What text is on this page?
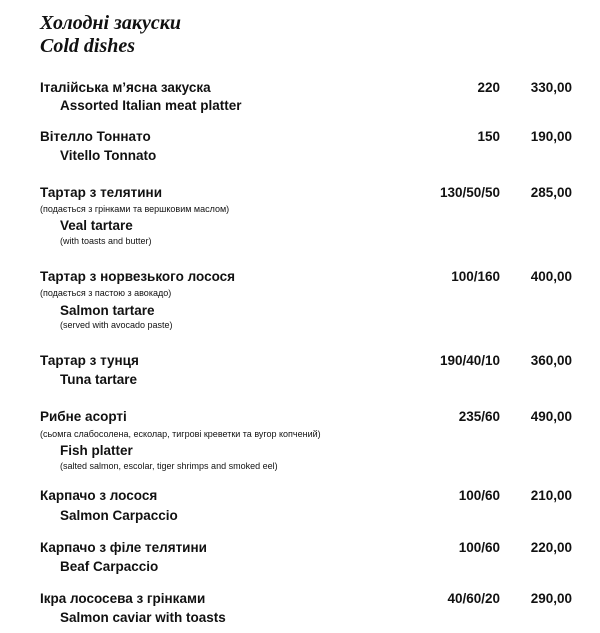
Холодні закуски
Cold dishes
Італійська м’ясна закуска
Assorted Italian meat platter
220 330,00
Вітелло Тоннато
Vitello Tonnato
150 190,00
Тартар з телятини
(подається з грінками та вершковим маслом)
Veal tartare
(with toasts and butter)
130/50/50 285,00
Тартар з норвезького лосося
(подається з пастою з авокадо)
Salmon tartare
(served with avocado paste)
100/160 400,00
Тартар з тунця
Tuna tartare
190/40/10 360,00
Рибне асорті
(сьомга слабосолена, есколар, тигрові креветки та вугор копчений)
Fish platter
(salted salmon, escolar, tiger shrimps and smoked eel)
235/60 490,00
Карпачо з лосося
Salmon Carpaccio
100/60 210,00
Карпачо з філе телятини
Beaf Carpaccio
100/60 220,00
Ікра лососева з грінками
Salmon caviar with toasts
40/60/20 290,00
